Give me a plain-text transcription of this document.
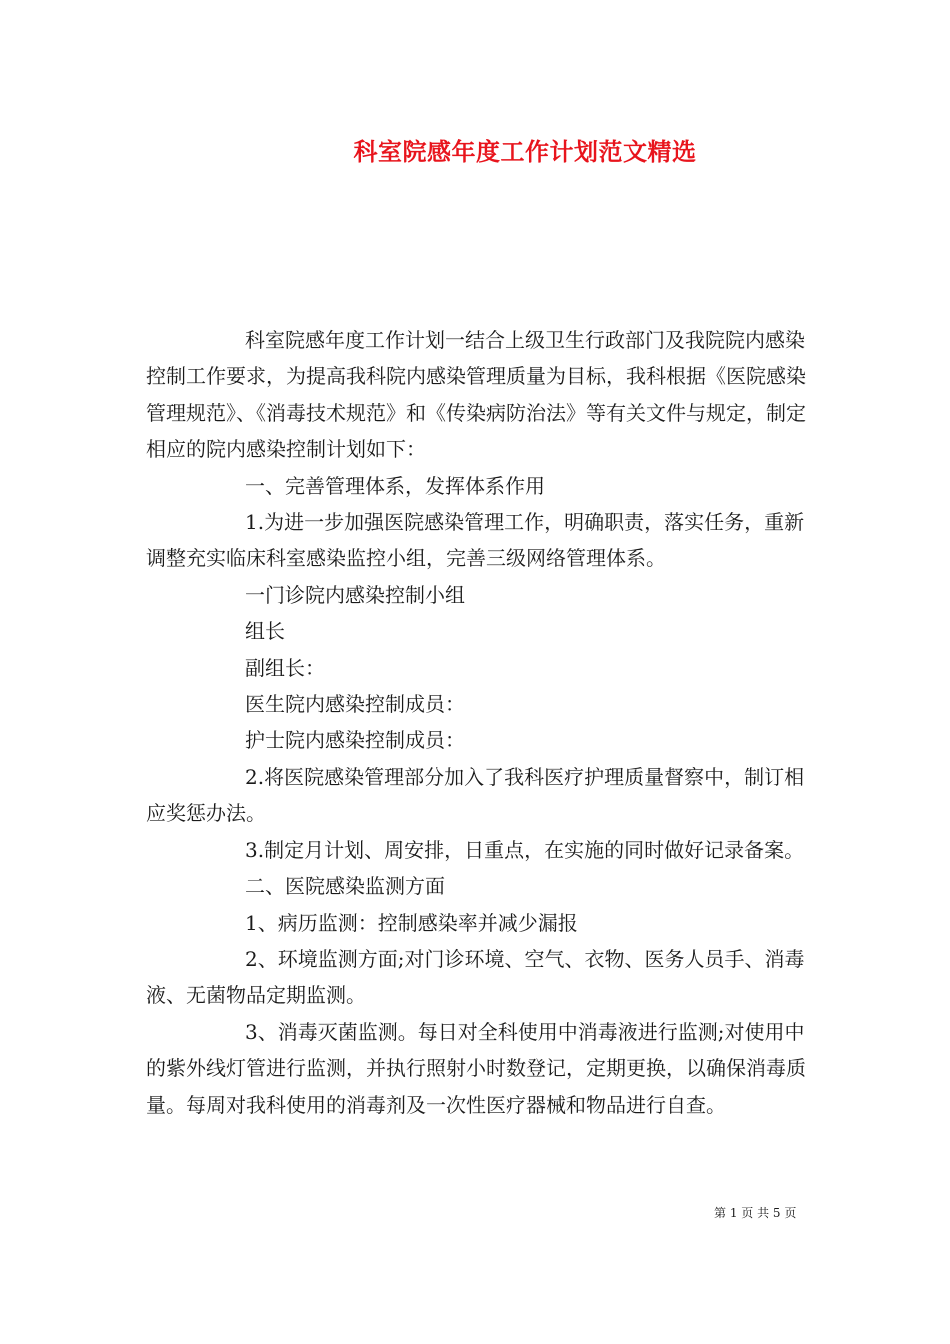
科室院感年度工作计划范文精选

科室院感年度工作计划一结合上级卫生行政部门及我院院内感染控制工作要求，为提高我科院内感染管理质量为目标，我科根据《医院感染管理规范》、《消毒技术规范》和《传染病防治法》等有关文件与规定，制定相应的院内感染控制计划如下：

一、完善管理体系，发挥体系作用

1.为进一步加强医院感染管理工作，明确职责，落实任务，重新调整充实临床科室感染监控小组，完善三级网络管理体系。

一门诊院内感染控制小组

组长

副组长：

医生院内感染控制成员：

护士院内感染控制成员：

2.将医院感染管理部分加入了我科医疗护理质量督察中，制订相应奖惩办法。

3.制定月计划、周安排，日重点，在实施的同时做好记录备案。

二、医院感染监测方面

1、病历监测：控制感染率并减少漏报

2、环境监测方面;对门诊环境、空气、衣物、医务人员手、消毒液、无菌物品定期监测。

3、消毒灭菌监测。每日对全科使用中消毒液进行监测;对使用中的紫外线灯管进行监测，并执行照射小时数登记，定期更换，以确保消毒质量。每周对我科使用的消毒剂及一次性医疗器械和物品进行自查。

第 1 页 共 5 页
